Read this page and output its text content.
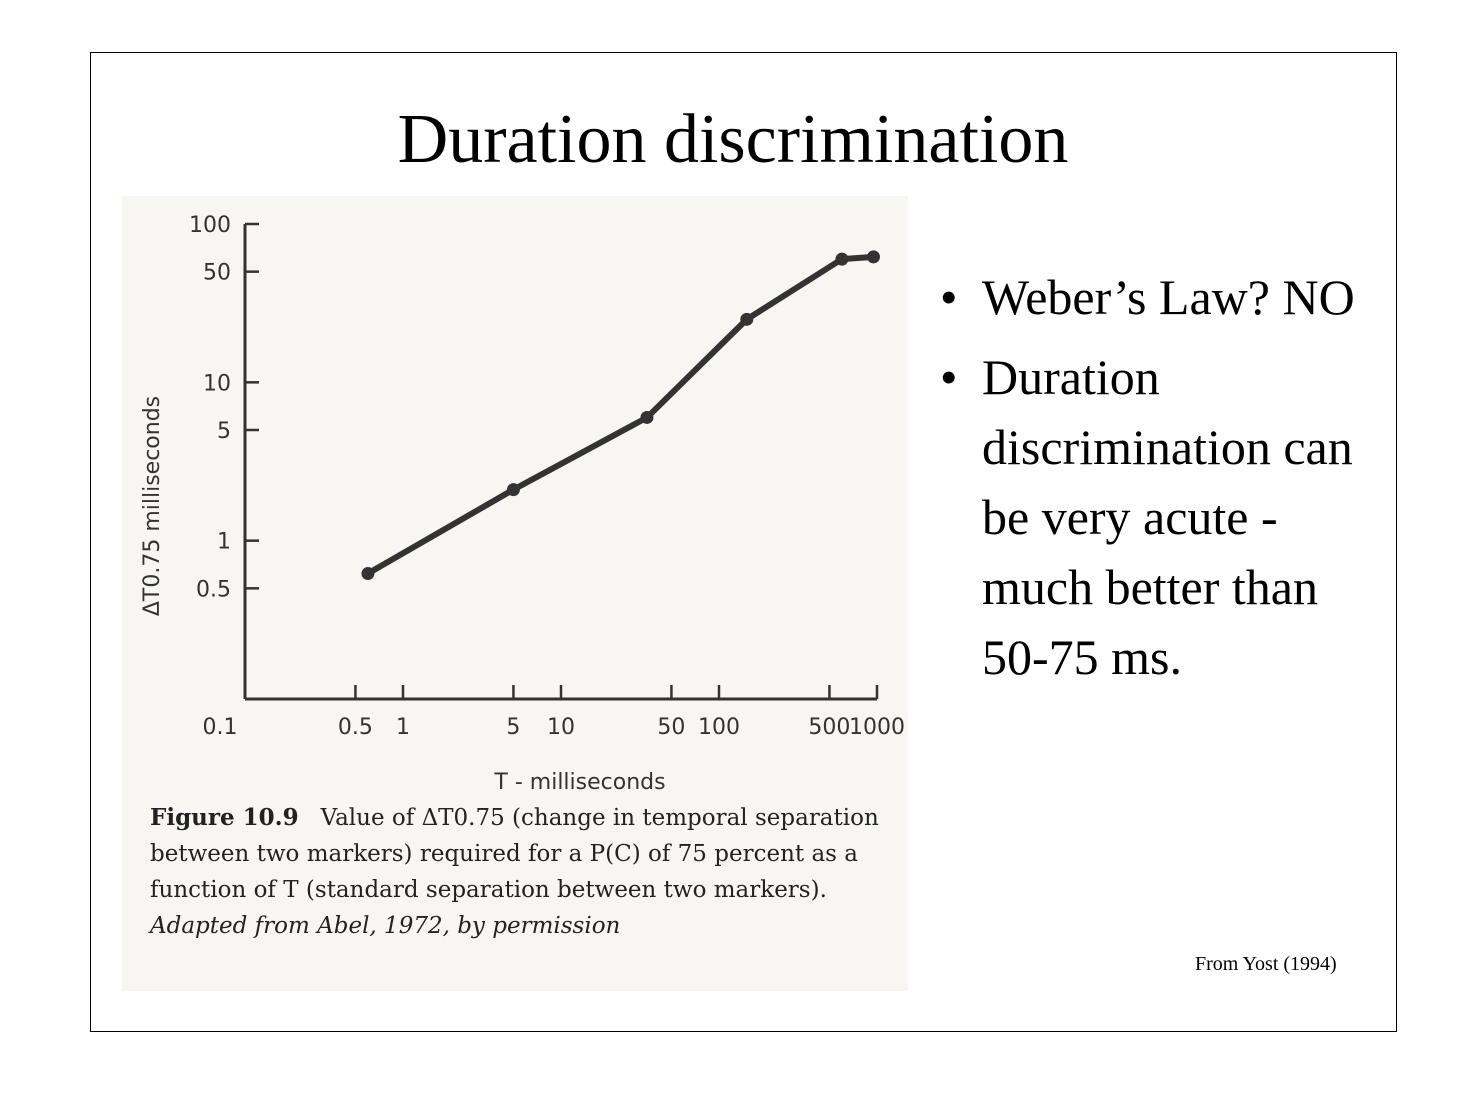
Duration discrimination
0.5
1
5
10
50
100
0.5 1	5 10	50 100	500
1000
0.1
T - milliseconds
ΔT0.75 milliseconds
Figure 10.9 Value of ΔT0.75 (change in temporal separation between two markers) required for a P(C) of 75 percent as a function of T (standard separation between two markers).
Adapted from Abel, 1972, by permission
• Weber’s Law? NO
• Duration discrimination can be very acute - much better than 50-75 ms.
From Yost (1994)
